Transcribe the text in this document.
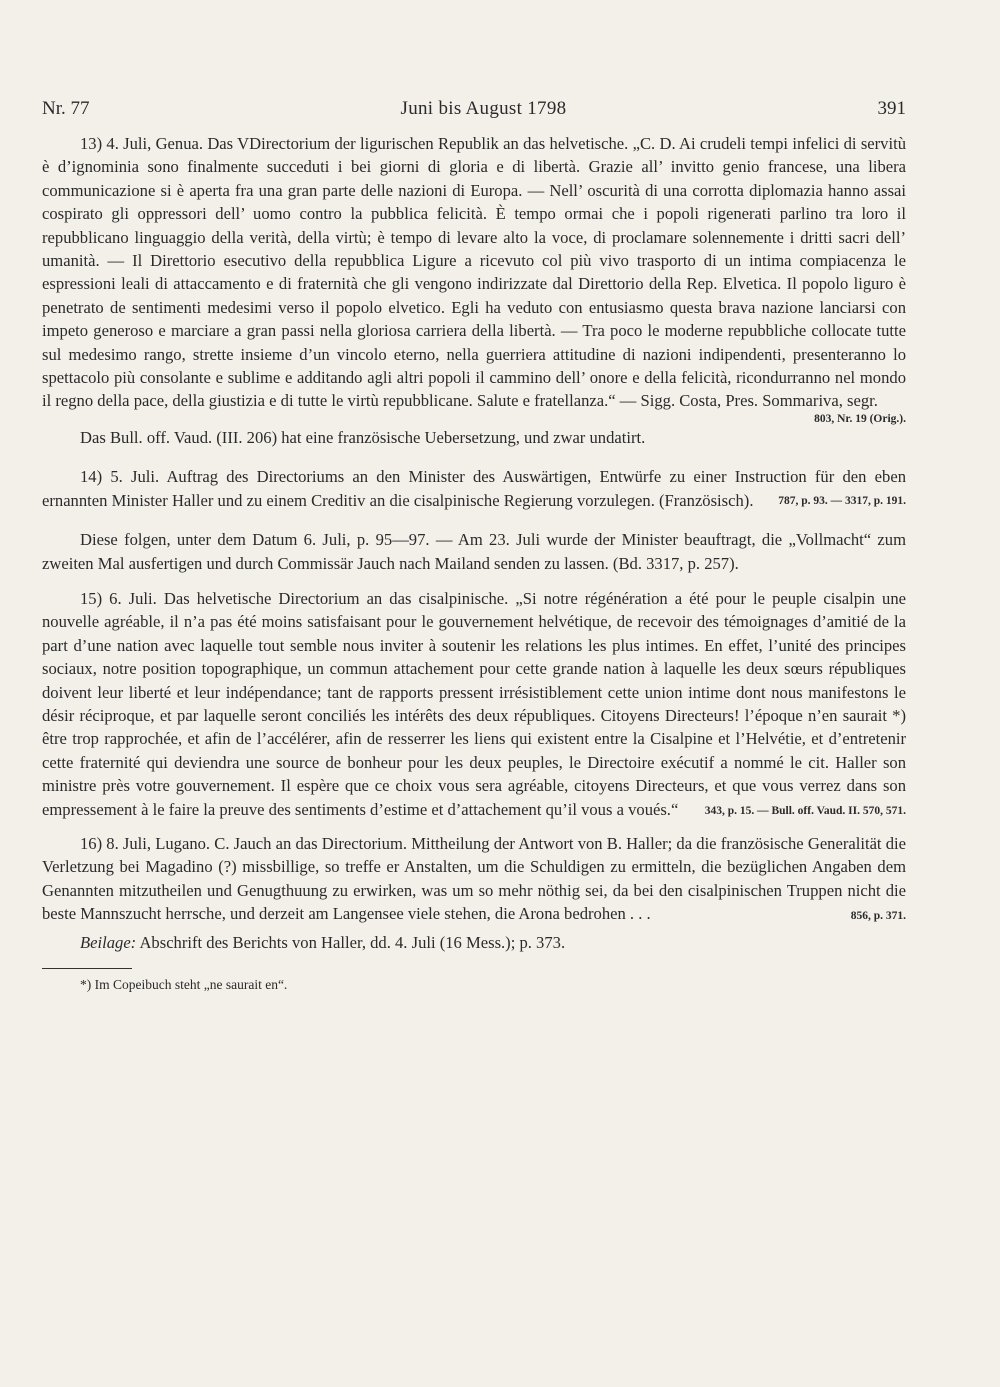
Nr. 77	Juni bis August 1798	391

13) 4. Juli, Genua. Das VDirectorium der ligurischen Republik an das helvetische. „C. D. Ai crudeli tempi infelici di servitù è d’ignominia sono finalmente succeduti i bei giorni di gloria e di libertà. Grazie all’ invitto genio francese, una libera communicazione si è aperta fra una gran parte delle nazioni di Europa. — Nell’ oscurità di una corrotta diplomazia hanno assai cospirato gli oppressori dell’ uomo contro la pubblica felicità. È tempo ormai che i popoli rigenerati parlino tra loro il repubblicano linguaggio della verità, della virtù; è tempo di levare alto la voce, di proclamare solennemente i dritti sacri dell’ umanità. — Il Direttorio esecutivo della repubblica Ligure a ricevuto col più vivo trasporto di un intima compiacenza le espressioni leali di attaccamento e di fraternità che gli vengono indirizzate dal Direttorio della Rep. Elvetica. Il popolo liguro è penetrato de sentimenti medesimi verso il popolo elvetico. Egli ha veduto con entusiasmo questa brava nazione lanciarsi con impeto generoso e marciare a gran passi nella gloriosa carriera della libertà. — Tra poco le moderne repubbliche collocate tutte sul medesimo rango, strette insieme d’un vincolo eterno, nella guerriera attitudine di nazioni indipendenti, presenteranno lo spettacolo più consolante e sublime e additando agli altri popoli il cammino dell’ onore e della felicità, ricondurranno nel mondo il regno della pace, della giustizia e di tutte le virtù repubblicane. Salute e fratellanza.“ — Sigg. Costa, Pres. Sommariva, segr.

803, Nr. 19 (Orig.).

Das Bull. off. Vaud. (III. 206) hat eine französische Uebersetzung, und zwar undatirt.

14) 5. Juli. Auftrag des Directoriums an den Minister des Auswärtigen, Entwürfe zu einer Instruction für den eben ernannten Minister Haller und zu einem Creditiv an die cisalpinische Regierung vorzulegen. (Französisch).	787, p. 93. — 3317, p. 191.

Diese folgen, unter dem Datum 6. Juli, p. 95—97. — Am 23. Juli wurde der Minister beauftragt, die „Vollmacht“ zum zweiten Mal ausfertigen und durch Commissär Jauch nach Mailand senden zu lassen. (Bd. 3317, p. 257).

15) 6. Juli. Das helvetische Directorium an das cisalpinische. „Si notre régénération a été pour le peuple cisalpin une nouvelle agréable, il n’a pas été moins satisfaisant pour le gouvernement helvétique, de recevoir des témoignages d’amitié de la part d’une nation avec laquelle tout semble nous inviter à soutenir les relations les plus intimes. En effet, l’unité des principes sociaux, notre position topographique, un commun attachement pour cette grande nation à laquelle les deux sœurs républiques doivent leur liberté et leur indépendance; tant de rapports pressent irrésistiblement cette union intime dont nous manifestons le désir réciproque, et par laquelle seront conciliés les intérêts des deux républiques. Citoyens Directeurs! l’époque n’en saurait *) être trop rapprochée, et afin de l’accélérer, afin de resserrer les liens qui existent entre la Cisalpine et l’Helvétie, et d’entretenir cette fraternité qui deviendra une source de bonheur pour les deux peuples, le Directoire exécutif a nommé le cit. Haller son ministre près votre gouvernement. Il espère que ce choix vous sera agréable, citoyens Directeurs, et que vous verrez dans son empressement à le faire la preuve des sentiments d’estime et d’attachement qu’il vous a voués.“	343, p. 15. — Bull. off. Vaud. II. 570, 571.

16) 8. Juli, Lugano. C. Jauch an das Directorium. Mittheilung der Antwort von B. Haller; da die französische Generalität die Verletzung bei Magadino (?) missbillige, so treffe er Anstalten, um die Schuldigen zu ermitteln, die bezüglichen Angaben dem Genannten mitzutheilen und Genugthuung zu erwirken, was um so mehr nöthig sei, da bei den cisalpinischen Truppen nicht die beste Mannszucht herrsche, und derzeit am Langensee viele stehen, die Arona bedrohen . . .	856, p. 371.

Beilage: Abschrift des Berichts von Haller, dd. 4. Juli (16 Mess.); p. 373.

*) Im Copeibuch steht „ne saurait en“.
